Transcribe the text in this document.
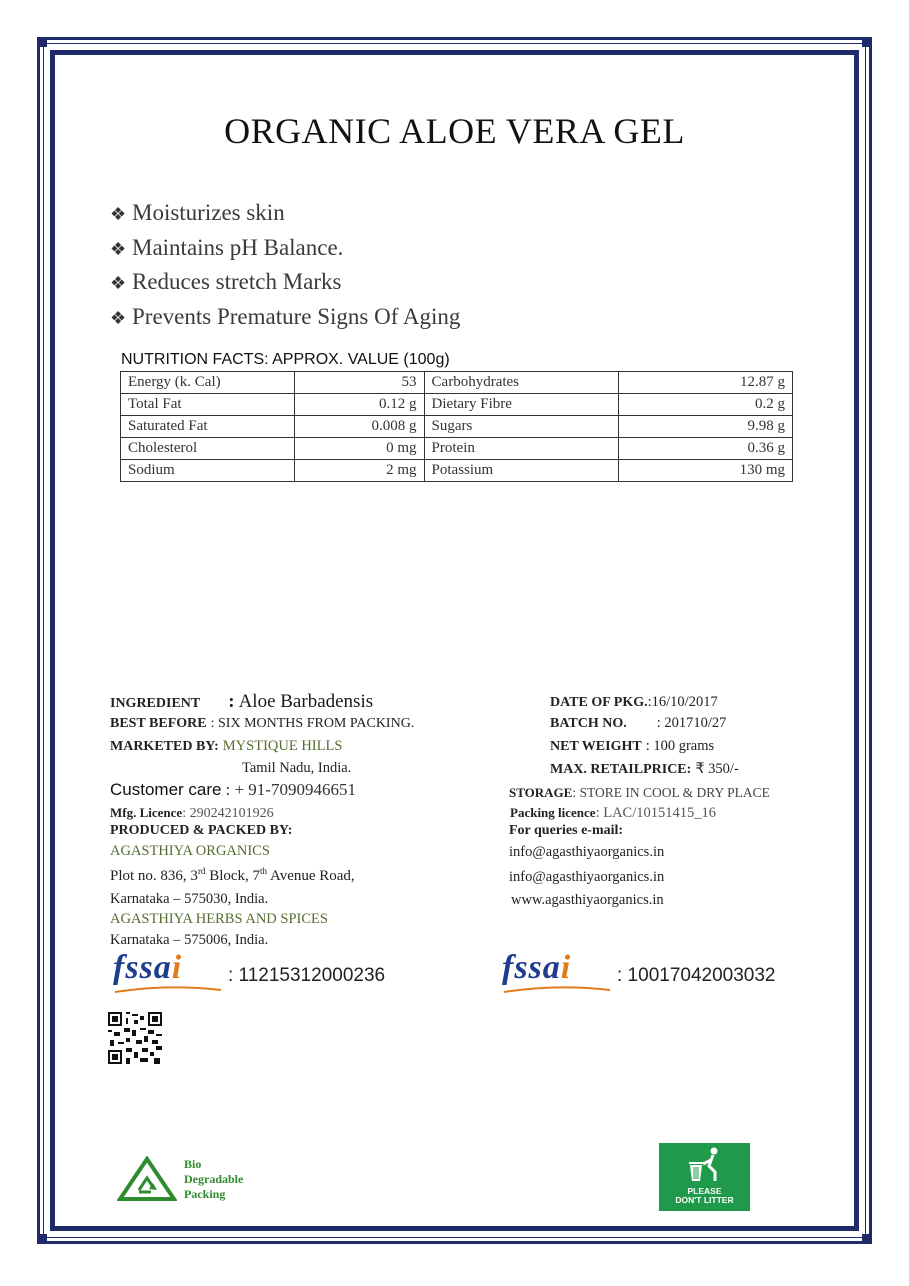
ORGANIC ALOE VERA GEL
❖ Moisturizes skin
❖ Maintains pH Balance.
❖ Reduces stretch Marks
❖ Prevents Premature Signs Of Aging
NUTRITION FACTS: APPROX. VALUE (100g)
Energy (k. Cal)	53	Carbohydrates	12.87 g
Total Fat	0.12 g	Dietary Fibre	0.2 g
Saturated Fat	0.008 g	Sugars	9.98 g
Cholesterol	0 mg	Protein	0.36 g
Sodium	2 mg	Potassium	130 mg
INGREDIENT : Aloe Barbadensis
BEST BEFORE : SIX MONTHS FROM PACKING.
MARKETED BY: MYSTIQUE HILLS
Tamil Nadu, India.
Customer care : + 91-7090946651
Mfg. Licence: 290242101926
PRODUCED & PACKED BY:
AGASTHIYA ORGANICS
Plot no. 836, 3rd Block, 7th Avenue Road,
Karnataka – 575030, India.
AGASTHIYA HERBS AND SPICES
Karnataka – 575006, India.
DATE OF PKG.:16/10/2017
BATCH NO. : 201710/27
NET WEIGHT : 100 grams
MAX. RETAILPRICE: ₹ 350/-
STORAGE: STORE IN COOL & DRY PLACE
Packing licence: LAC/10151415_16
For queries e-mail:
info@agasthiyaorganics.in
info@agasthiyaorganics.in
www.agasthiyaorganics.in
fssai : 11215312000236	fssai : 10017042003032
Bio
Degradable
Packing	PLEASE
DON'T LITTER
